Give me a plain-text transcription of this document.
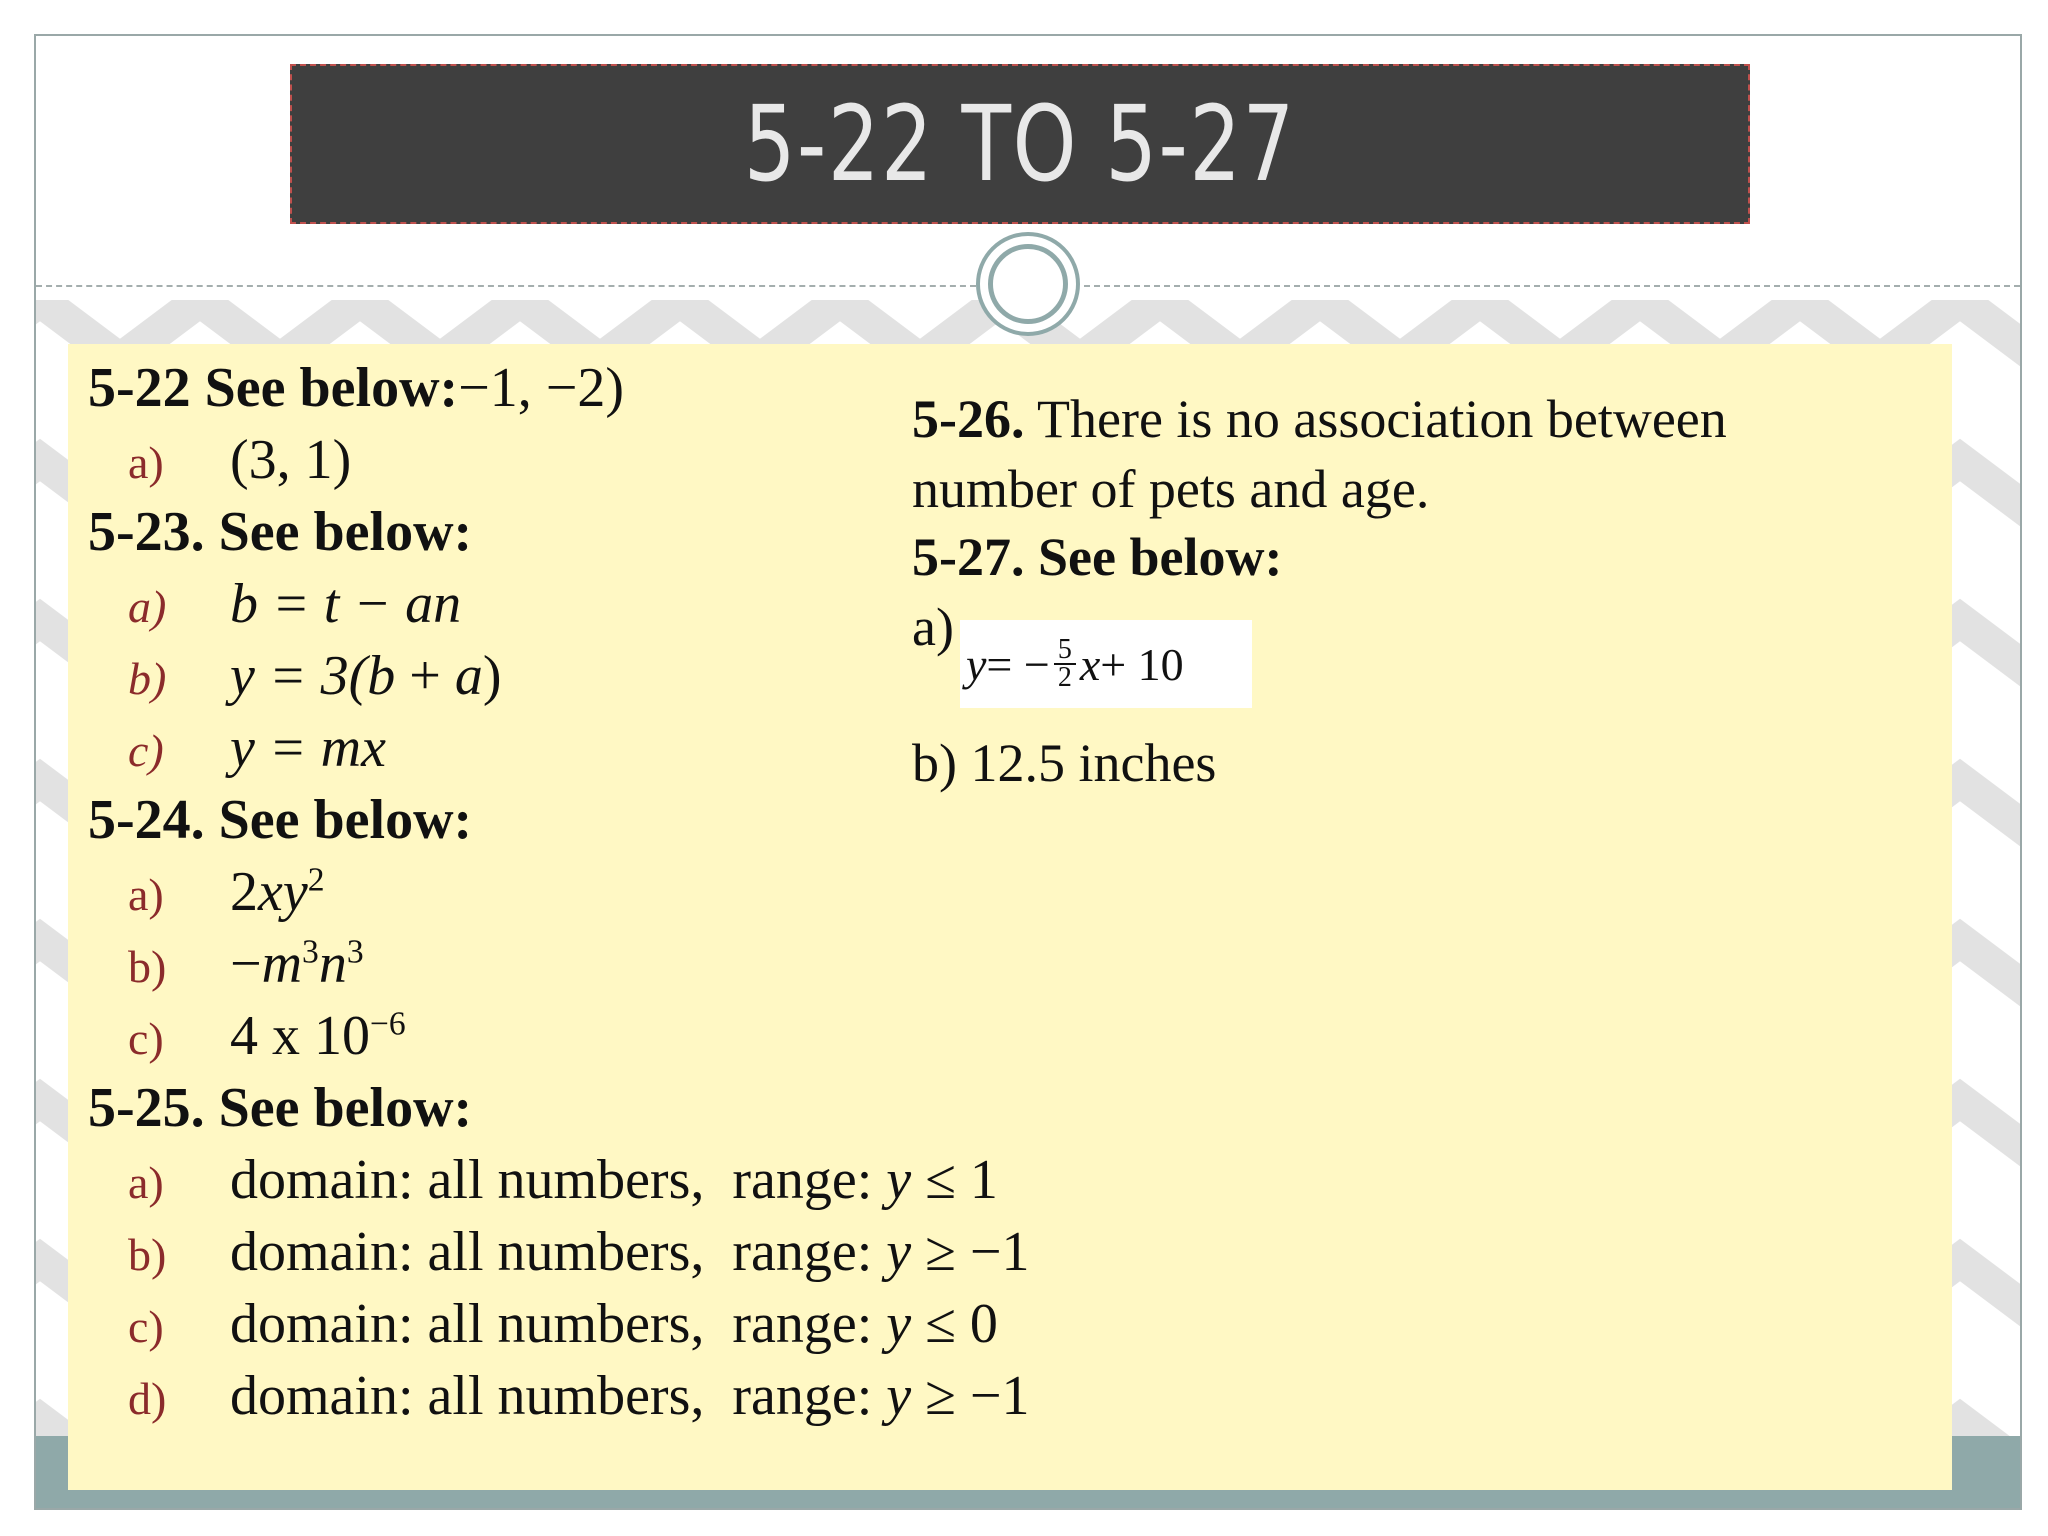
5-22 TO 5-27
5-22 See below:−1, −2)
a) (3, 1)
5-23. See below:
a) b = t − an
b) y = 3(b + a)
c) y = mx
5-24. See below:
a) $2xy^2$
$b) -m^3n^3$
c) 4 x $10^{-6}$
5-25. See below:
a) domain: all numbers, range: y ≤ 1
b) domain: all numbers, range: y ≥ −1
c) domain: all numbers, range: y ≤ 0
d) domain: all numbers, range: y ≥ −1
5-26. There is no association between
number of pets and age.
5-27. See below:
a)
y = − $\frac{5}{2}$ x + 10
b) 12.5 inches
